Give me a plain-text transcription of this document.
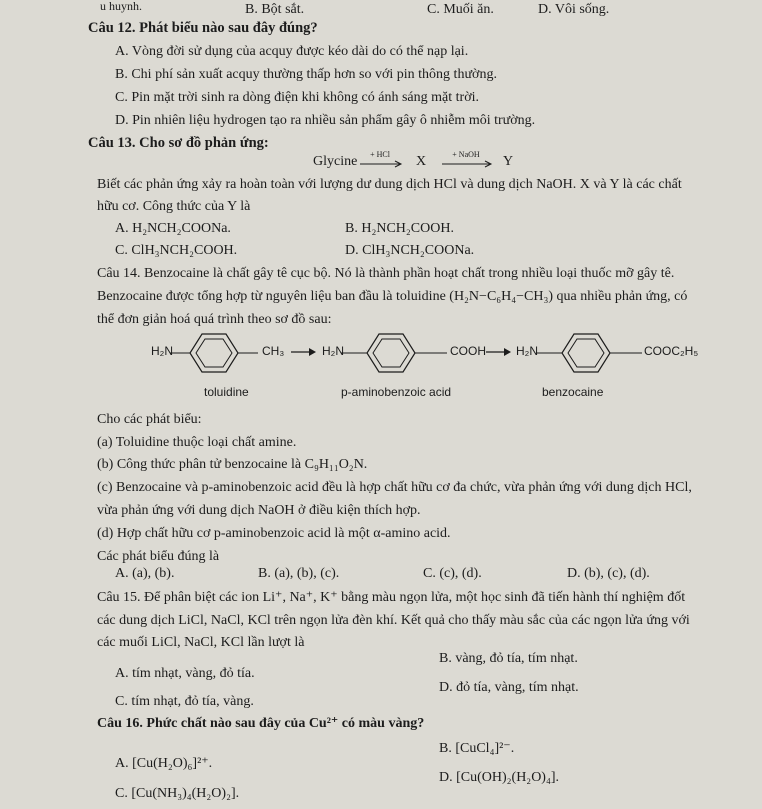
u huynh.	B. Bột sắt.	C. Muối ăn.	D. Vôi sống.
Câu 12. Phát biểu nào sau đây đúng?
A. Vòng đời sử dụng của acquy được kéo dài do có thể nạp lại.
B. Chi phí sản xuất acquy thường thấp hơn so với pin thông thường.
C. Pin mặt trời sinh ra dòng điện khi không có ánh sáng mặt trời.
D. Pin nhiên liệu hydrogen tạo ra nhiều sản phẩm gây ô nhiễm môi trường.
Câu 13. Cho sơ đồ phản ứng:
Glycine	+ HCl	X	+ NaOH	Y
Biết các phản ứng xảy ra hoàn toàn với lượng dư dung dịch HCl và dung dịch NaOH. X và Y là các chất
hữu cơ. Công thức của Y là
A. H₂NCH₂COONa.	B. H₂NCH₂COOH.
C. ClH₃NCH₂COOH.	D. ClH₃NCH₂COONa.
Câu 14. Benzocaine là chất gây tê cục bộ. Nó là thành phần hoạt chất trong nhiều loại thuốc mỡ gây tê.
Benzocaine được tổng hợp từ nguyên liệu ban đầu là toluidine (H₂N−C₆H₄−CH₃) qua nhiều phản ứng, có
thể đơn giản hoá quá trình theo sơ đồ sau:
H₂N	CH₃	H₂N	COOH	H₂N	COOC₂H₅
toluidine	p-aminobenzoic acid	benzocaine
Cho các phát biểu:
(a) Toluidine thuộc loại chất amine.
(b) Công thức phân tử benzocaine là C₉H₁₁O₂N.
(c) Benzocaine và p-aminobenzoic acid đều là hợp chất hữu cơ đa chức, vừa phản ứng với dung dịch HCl,
vừa phản ứng với dung dịch NaOH ở điều kiện thích hợp.
(d) Hợp chất hữu cơ p-aminobenzoic acid là một α-amino acid.
Các phát biểu đúng là
A. (a), (b).	B. (a), (b), (c).	C. (c), (d).	D. (b), (c), (d).
Câu 15. Để phân biệt các ion Li⁺, Na⁺, K⁺ bằng màu ngọn lửa, một học sinh đã tiến hành thí nghiệm đốt
các dung dịch LiCl, NaCl, KCl trên ngọn lửa đèn khí. Kết quả cho thấy màu sắc của các ngọn lửa ứng với
các muối LiCl, NaCl, KCl lần lượt là
B. vàng, đỏ tía, tím nhạt.
A. tím nhạt, vàng, đỏ tía.
D. đỏ tía, vàng, tím nhạt.
C. tím nhạt, đỏ tía, vàng.
Câu 16. Phức chất nào sau đây của Cu²⁺ có màu vàng?
B. [CuCl₄]²⁻.
A. [Cu(H₂O)₆]²⁺.
D. [Cu(OH)₂(H₂O)₄].
C. [Cu(NH₃)₄(H₂O)₂].
